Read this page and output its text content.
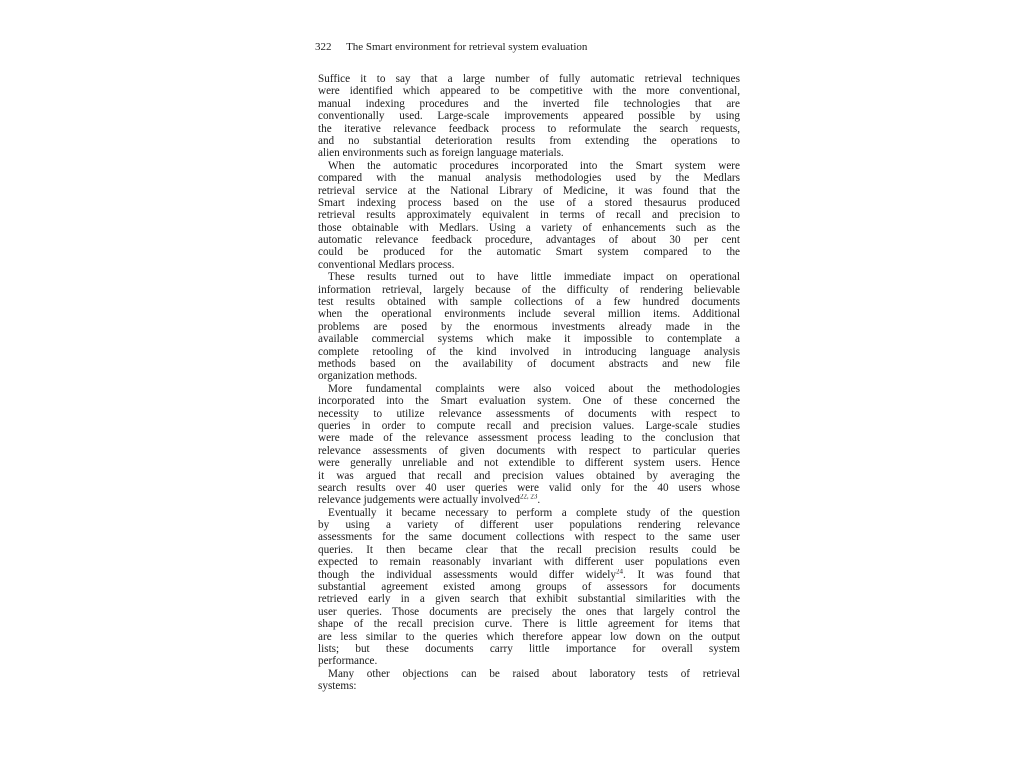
322 The Smart environment for retrieval system evaluation
Suffice it to say that a large number of fully automatic retrieval techniques
were identified which appeared to be competitive with the more conventional,
manual indexing procedures and the inverted file technologies that are
conventionally used. Large-scale improvements appeared possible by using
the iterative relevance feedback process to reformulate the search requests,
and no substantial deterioration results from extending the operations to
alien environments such as foreign language materials.
When the automatic procedures incorporated into the Smart system were
compared with the manual analysis methodologies used by the Medlars
retrieval service at the National Library of Medicine, it was found that the
Smart indexing process based on the use of a stored thesaurus produced
retrieval results approximately equivalent in terms of recall and precision to
those obtainable with Medlars. Using a variety of enhancements such as the
automatic relevance feedback procedure, advantages of about 30 per cent
could be produced for the automatic Smart system compared to the
conventional Medlars process.
These results turned out to have little immediate impact on operational
information retrieval, largely because of the difficulty of rendering believable
test results obtained with sample collections of a few hundred documents
when the operational environments include several million items. Additional
problems are posed by the enormous investments already made in the
available commercial systems which make it impossible to contemplate a
complete retooling of the kind involved in introducing language analysis
methods based on the availability of document abstracts and new file
organization methods.
More fundamental complaints were also voiced about the methodologies
incorporated into the Smart evaluation system. One of these concerned the
necessity to utilize relevance assessments of documents with respect to
queries in order to compute recall and precision values. Large-scale studies
were made of the relevance assessment process leading to the conclusion that
relevance assessments of given documents with respect to particular queries
were generally unreliable and not extendible to different system users. Hence
it was argued that recall and precision values obtained by averaging the
search results over 40 user queries were valid only for the 40 users whose
relevance judgements were actually involved$^{22, 23}$.
Eventually it became necessary to perform a complete study of the question
by using a variety of different user populations rendering relevance
assessments for the same document collections with respect to the same user
queries. It then became clear that the recall precision results could be
expected to remain reasonably invariant with different user populations even
though the individual assessments would differ widely$^{24}$. It was found that
substantial agreement existed among groups of assessors for documents
retrieved early in a given search that exhibit substantial similarities with the
user queries. Those documents are precisely the ones that largely control the
shape of the recall precision curve. There is little agreement for items that
are less similar to the queries which therefore appear low down on the output
lists; but these documents carry little importance for overall system
performance.
Many other objections can be raised about laboratory tests of retrieval
systems:
